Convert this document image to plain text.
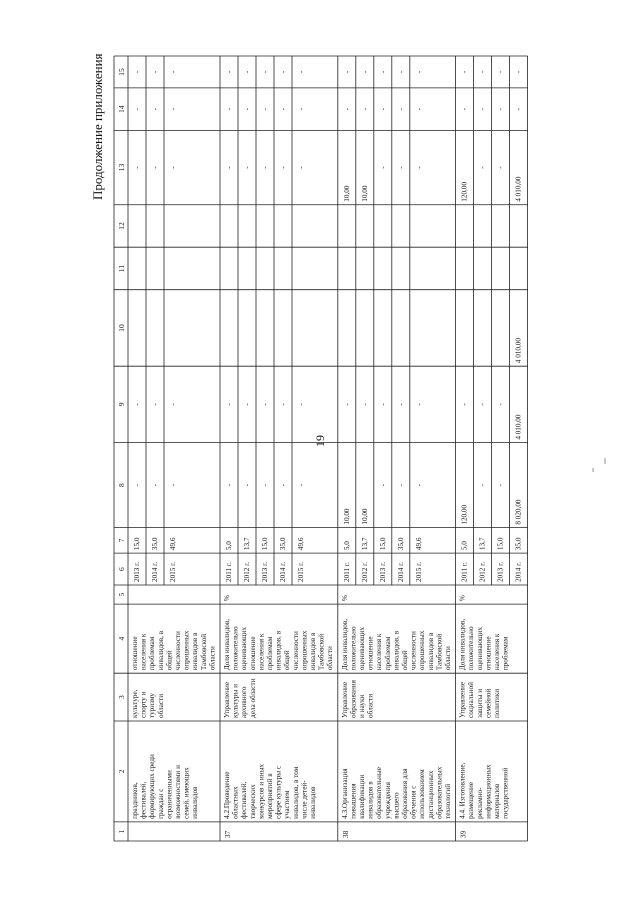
19
Продолжение приложения
1
2
3
4
5
6
7
8
9
10
11
12
13
14
15
праздников, фестивалей, формирующих среди граждан с ограниченными возможностями и семей, имеющих инвалидов
культуре, спорту и туризму области
отношение населения к проблемам инвалидов, в общей численности опрошенных инвалидов в Тамбовской области
2013 г.
15,0
-
-
-
-
-
2014 г.
35,0
-
-
-
-
-
2015 г.
49,6
-
-
-
-
-
37
4.2.Проведение областных фестивалей, творческих конкурсов и иных мероприятий в сфере культуры с участием инвалидов, в том числе детей- инвалидов
Управление культуры и архивного дела области
Доля инвалидов, положительно оценивающих отношение населения к проблемам инвалидов, в общей численности опрошенных инвалидов в Тамбовской области
%
2011 г.
5,0
-
-
-
-
-
2012 г.
13,7
-
-
-
-
-
2013 г.
15,0
-
-
-
-
-
2014 г.
35,0
-
-
-
-
-
2015 г.
49,6
-
-
-
-
-
38
4.3.Организация повышения квалификации инвалидов в образовательные учреждения высшего образования для обучения с использованием дистанционных образовательных технологий
Управление образования и науки области
Доля инвалидов, положительно оценивающих отношение населения к проблемам инвалидов, в общей численности опрошенных инвалидов в Тамбовской области
%
2011 г.
5,0
10,00
-
10,00
-
-
2012 г.
13,7
10,00
-
10,00
-
-
2013 г.
15,0
-
-
-
-
-
2014 г.
35,0
-
-
-
-
-
2015 г.
49,6
-
-
-
-
-
39
4.4. Изготовление, размещение рекламно- информационных материалов государственной
Управление социальной защиты и семейной политики
Доля инвалидов, положительно оценивающих отношение населения к проблемам
%
2011 г.
5,0
120,00
-
120,00
-
-
2012 г.
13,7
-
-
-
-
-
2013 г.
15,0
-
-
-
-
-
2014 г.
35,0
8 020,00
4 010,00
4 010,00
4 010,00
-
-
